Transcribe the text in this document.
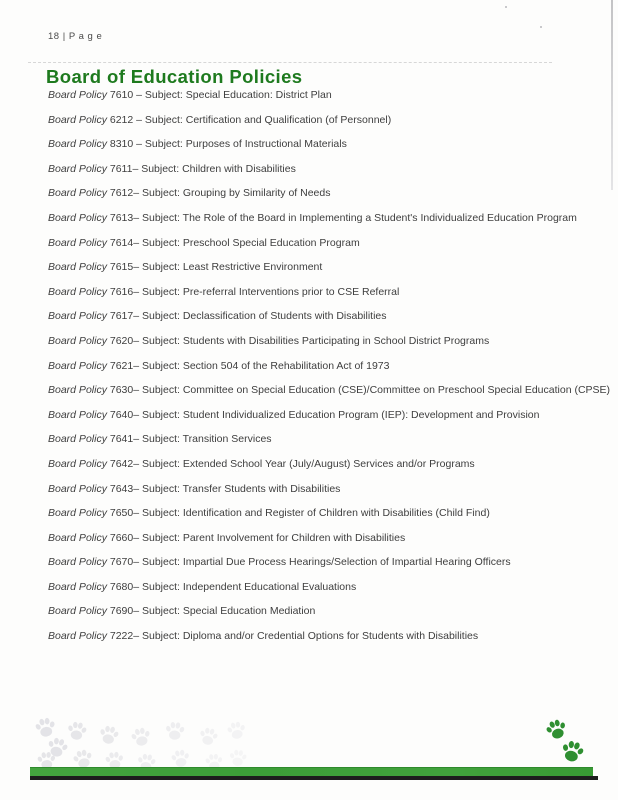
18 | P a g e
Board of Education Policies
Board Policy 7610 – Subject: Special Education: District Plan
Board Policy 6212 – Subject: Certification and Qualification (of Personnel)
Board Policy 8310 – Subject: Purposes of Instructional Materials
Board Policy 7611– Subject: Children with Disabilities
Board Policy 7612– Subject: Grouping by Similarity of Needs
Board Policy 7613– Subject: The Role of the Board in Implementing a Student's Individualized Education Program
Board Policy 7614– Subject: Preschool Special Education Program
Board Policy 7615– Subject: Least Restrictive Environment
Board Policy 7616– Subject: Pre-referral Interventions prior to CSE Referral
Board Policy 7617– Subject: Declassification of Students with Disabilities
Board Policy 7620– Subject: Students with Disabilities Participating in School District Programs
Board Policy 7621– Subject: Section 504 of the Rehabilitation Act of 1973
Board Policy 7630– Subject: Committee on Special Education (CSE)/Committee on Preschool Special Education (CPSE)
Board Policy 7640– Subject: Student Individualized Education Program (IEP): Development and Provision
Board Policy 7641– Subject: Transition Services
Board Policy 7642– Subject: Extended School Year (July/August) Services and/or Programs
Board Policy 7643– Subject: Transfer Students with Disabilities
Board Policy 7650– Subject: Identification and Register of Children with Disabilities (Child Find)
Board Policy 7660– Subject: Parent Involvement for Children with Disabilities
Board Policy 7670– Subject: Impartial Due Process Hearings/Selection of Impartial Hearing Officers
Board Policy 7680– Subject: Independent Educational Evaluations
Board Policy 7690– Subject: Special Education Mediation
Board Policy 7222– Subject: Diploma and/or Credential Options for Students with Disabilities
